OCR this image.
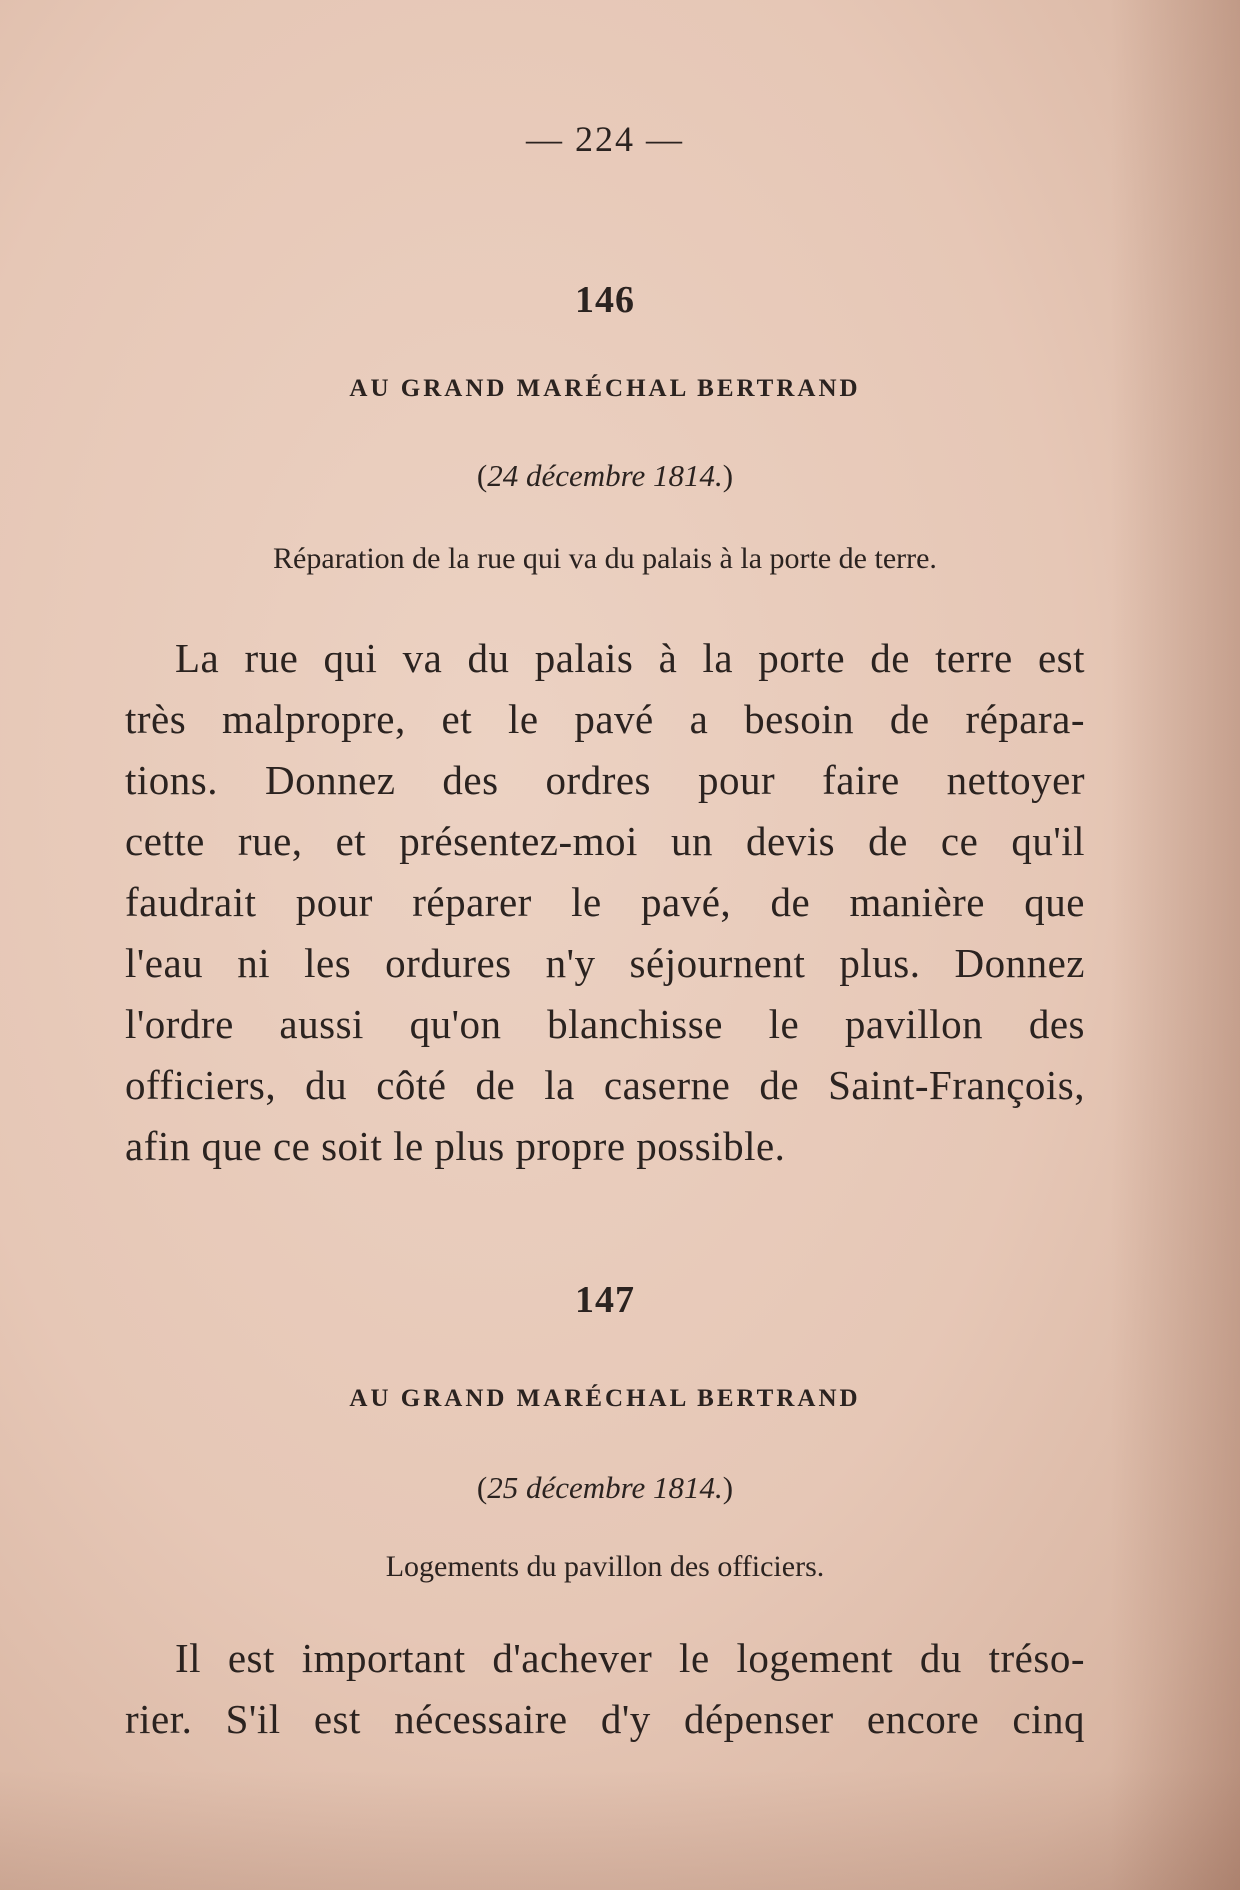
— 224 —
146
AU GRAND MARÉCHAL BERTRAND
(24 décembre 1814.)
Réparation de la rue qui va du palais à la porte de terre.
La rue qui va du palais à la porte de terre est
très malpropre, et le pavé a besoin de répara-
tions. Donnez des ordres pour faire nettoyer
cette rue, et présentez-moi un devis de ce qu'il
faudrait pour réparer le pavé, de manière que
l'eau ni les ordures n'y séjournent plus. Donnez
l'ordre aussi qu'on blanchisse le pavillon des
officiers, du côté de la caserne de Saint-François,
afin que ce soit le plus propre possible.
147
AU GRAND MARÉCHAL BERTRAND
(25 décembre 1814.)
Logements du pavillon des officiers.
Il est important d'achever le logement du tréso-
rier. S'il est nécessaire d'y dépenser encore cinq
